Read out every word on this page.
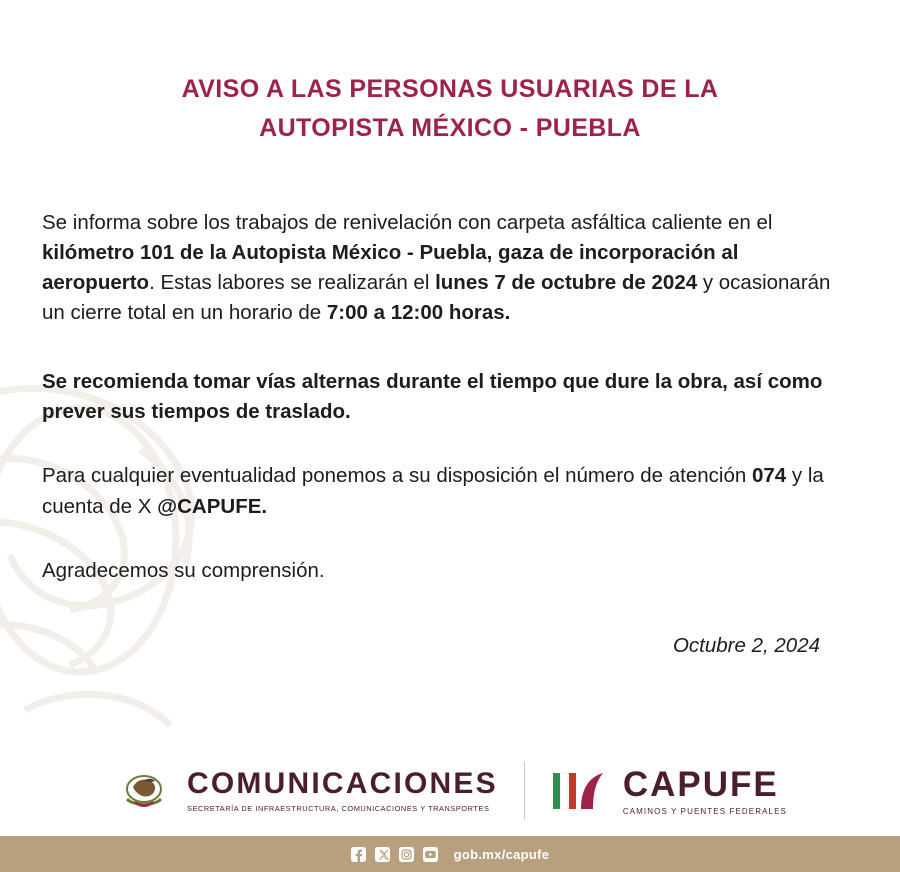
AVISO A LAS PERSONAS USUARIAS DE LA
AUTOPISTA MÉXICO - PUEBLA

Se informa sobre los trabajos de renivelación con carpeta asfáltica caliente en el kilómetro 101 de la Autopista México - Puebla, gaza de incorporación al aeropuerto. Estas labores se realizarán el lunes 7 de octubre de 2024 y ocasionarán un cierre total en un horario de 7:00 a 12:00 horas.

Se recomienda tomar vías alternas durante el tiempo que dure la obra, así como prever sus tiempos de traslado.

Para cualquier eventualidad ponemos a su disposición el número de atención 074 y la cuenta de X @CAPUFE.

Agradecemos su comprensión.

Octubre 2, 2024
COMUNICACIONES
SECRETARÍA DE INFRAESTRUCTURA, COMUNICACIONES Y TRANSPORTES
CAPUFE
CAMINOS Y PUENTES FEDERALES
gob.mx/capufe
